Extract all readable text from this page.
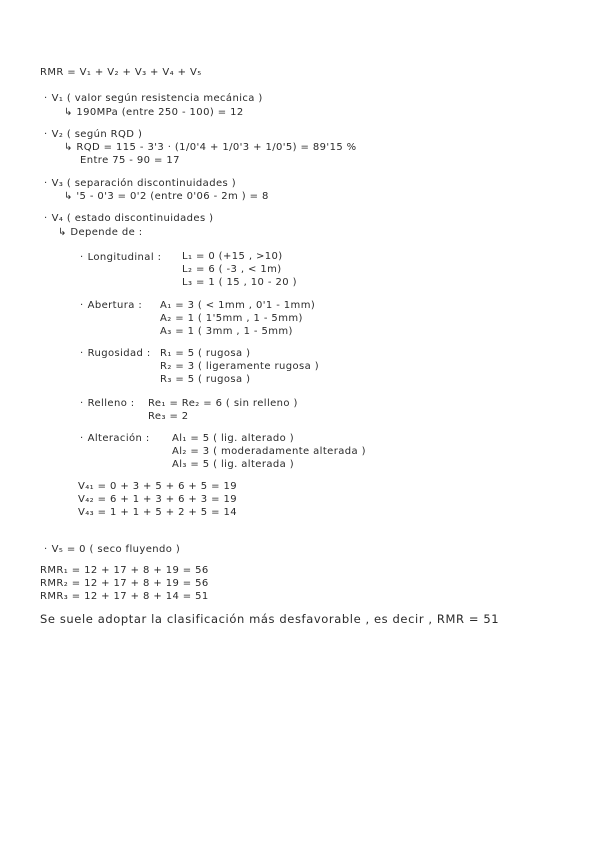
RMR = V₁ + V₂ + V₃ + V₄ + V₅
· V₁ ( valor según resistencia mecánica )
↳ 190MPa (entre 250 - 100) = 12
· V₂ ( según RQD )
↳ RQD = 115 - 3'3 · (1/0'4 + 1/0'3 + 1/0'5) = 89'15 %
Entre 75 - 90 = 17
· V₃ ( separación discontinuidades )
↳ '5 - 0'3 = 0'2 (entre 0'06 - 2m ) = 8
· V₄ ( estado discontinuidades )
↳ Depende de :
· Longitudinal : L₁ = 0 (+15 , >10)
L₂ = 6 ( -3 , < 1m)
L₃ = 1 ( 15 , 10 - 20 )
· Abertura : A₁ = 3 ( < 1mm , 0'1 - 1mm)
A₂ = 1 ( 1'5mm , 1 - 5mm)
A₃ = 1 ( 3mm , 1 - 5mm)
· Rugosidad : R₁ = 5 ( rugosa )
R₂ = 3 ( ligeramente rugosa )
R₃ = 5 ( rugosa )
· Relleno : Re₁ = Re₂ = 6 ( sin relleno )
Re₃ = 2
· Alteración : Al₁ = 5 ( lig. alterado )
Al₂ = 3 ( moderadamente alterada )
Al₃ = 5 ( lig. alterada )
V₄₁ = 0 + 3 + 5 + 6 + 5 = 19
V₄₂ = 6 + 1 + 3 + 6 + 3 = 19
V₄₃ = 1 + 1 + 5 + 2 + 5 = 14
· V₅ = 0 ( seco fluyendo )
RMR₁ = 12 + 17 + 8 + 19 = 56
RMR₂ = 12 + 17 + 8 + 19 = 56
RMR₃ = 12 + 17 + 8 + 14 = 51
Se suele adoptar la clasificación más desfavorable , es decir , RMR = 51
